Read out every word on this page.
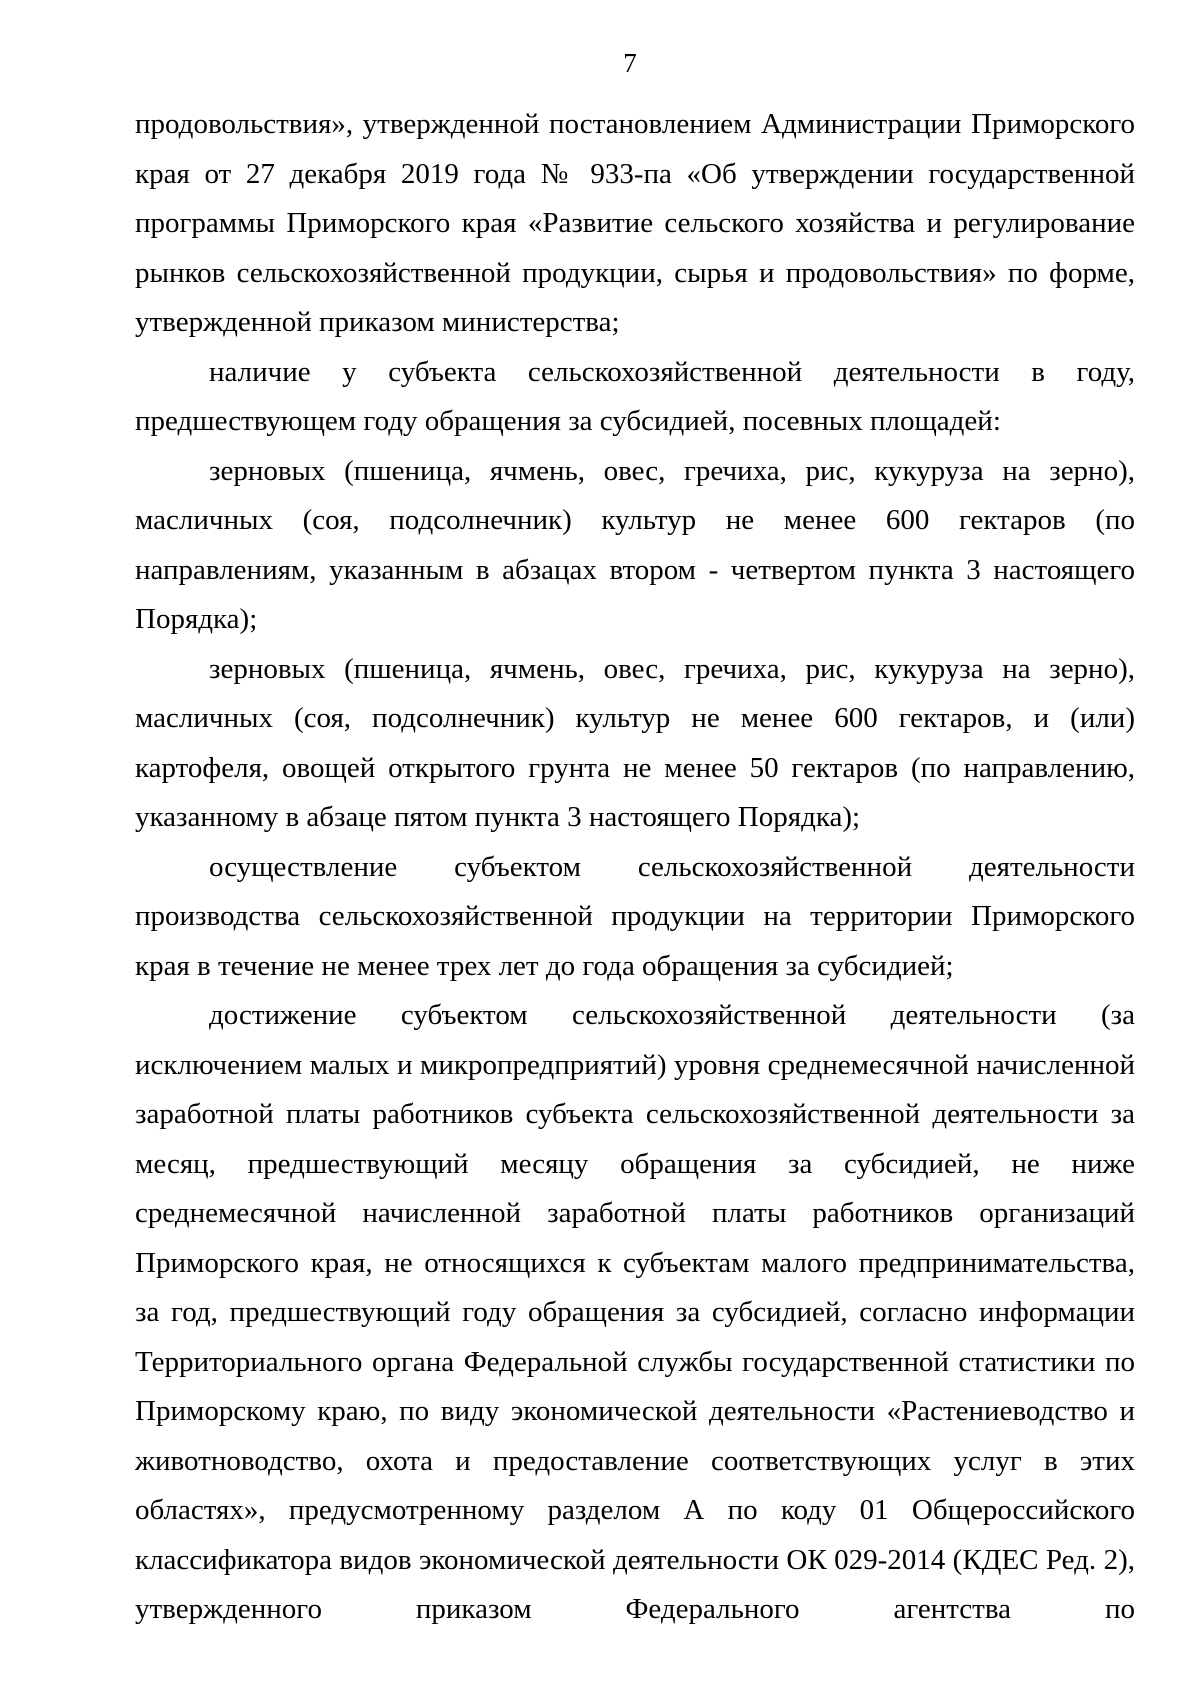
7

продовольствия», утвержденной постановлением Администрации Приморского края от 27 декабря 2019 года № 933-па «Об утверждении государственной программы Приморского края «Развитие сельского хозяйства и регулирование рынков сельскохозяйственной продукции, сырья и продовольствия» по форме, утвержденной приказом министерства;

наличие у субъекта сельскохозяйственной деятельности в году, предшествующем году обращения за субсидией, посевных площадей:

зерновых (пшеница, ячмень, овес, гречиха, рис, кукуруза на зерно), масличных (соя, подсолнечник) культур не менее 600 гектаров (по направлениям, указанным в абзацах втором - четвертом пункта 3 настоящего Порядка);

зерновых (пшеница, ячмень, овес, гречиха, рис, кукуруза на зерно), масличных (соя, подсолнечник) культур не менее 600 гектаров, и (или) картофеля, овощей открытого грунта не менее 50 гектаров (по направлению, указанному в абзаце пятом пункта 3 настоящего Порядка);

осуществление субъектом сельскохозяйственной деятельности производства сельскохозяйственной продукции на территории Приморского края в течение не менее трех лет до года обращения за субсидией;

достижение субъектом сельскохозяйственной деятельности (за исключением малых и микропредприятий) уровня среднемесячной начисленной заработной платы работников субъекта сельскохозяйственной деятельности за месяц, предшествующий месяцу обращения за субсидией, не ниже среднемесячной начисленной заработной платы работников организаций Приморского края, не относящихся к субъектам малого предпринимательства, за год, предшествующий году обращения за субсидией, согласно информации Территориального органа Федеральной службы государственной статистики по Приморскому краю, по виду экономической деятельности «Растениеводство и животноводство, охота и предоставление соответствующих услуг в этих областях», предусмотренному разделом А по коду 01 Общероссийского классификатора видов экономической деятельности ОК 029-2014 (КДЕС Ред. 2), утвержденного приказом Федерального агентства по
